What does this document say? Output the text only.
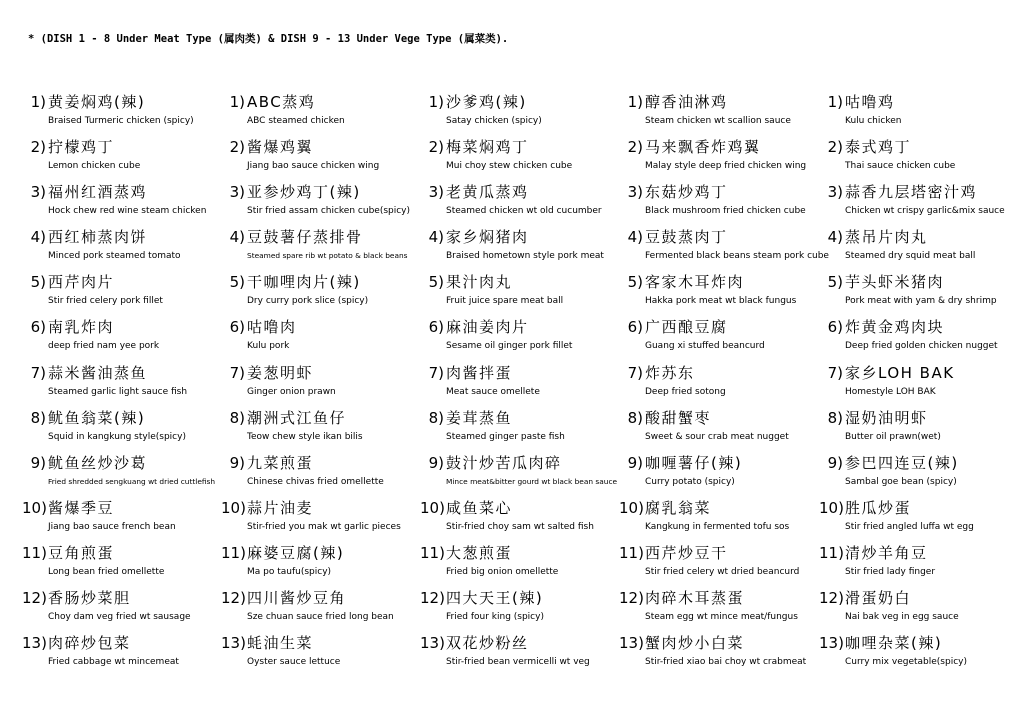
* (DISH 1 - 8 Under Meat Type (属肉类) & DISH 9 - 13 Under Vege Type (属菜类).
1) 黄姜焖鸡(辣)
Braised Turmeric chicken (spicy)
2) 拧檬鸡丁
Lemon chicken cube
3) 福州红酒蒸鸡
Hock chew red wine steam chicken
4) 西红柿蒸肉饼
Minced pork steamed tomato
5) 西芹肉片
Stir fried celery pork fillet
6) 南乳炸肉
deep fried nam yee pork
7) 蒜米酱油蒸鱼
Steamed garlic light sauce fish
8) 鱿鱼翁菜(辣)
Squid in kangkung style(spicy)
9) 鱿鱼丝炒沙葛
Fried shredded sengkuang wt dried cuttlefish
10) 酱爆季豆
Jiang bao sauce french bean
11) 豆角煎蛋
Long bean fried omellette
12) 香肠炒菜胆
Choy dam veg fried wt sausage
13) 肉碎炒包菜
Fried cabbage wt mincemeat
1) ABC蒸鸡
ABC steamed chicken
2) 酱爆鸡翼
Jiang bao sauce chicken wing
3) 亚参炒鸡丁(辣)
Stir fried assam chicken cube(spicy)
4) 豆鼓薯仔蒸排骨
Steamed spare rib wt potato & black beans
5) 干咖哩肉片(辣)
Dry curry pork slice (spicy)
6) 咕噜肉
Kulu pork
7) 姜葱明虾
Ginger onion prawn
8) 潮洲式江鱼仔
Teow chew style ikan bilis
9) 九菜煎蛋
Chinese chivas fried omellette
10) 蒜片油麦
Stir-fried you mak wt garlic pieces
11) 麻婆豆腐(辣)
Ma po taufu(spicy)
12) 四川酱炒豆角
Sze chuan sauce fried long bean
13) 蚝油生菜
Oyster sauce lettuce
1) 沙爹鸡(辣)
Satay chicken (spicy)
2) 梅菜焖鸡丁
Mui choy stew chicken cube
3) 老黄瓜蒸鸡
Steamed chicken wt old cucumber
4) 家乡焖猪肉
Braised hometown style pork meat
5) 果汁肉丸
Fruit juice spare meat ball
6) 麻油姜肉片
Sesame oil ginger pork fillet
7) 肉酱拌蛋
Meat sauce omellete
8) 姜茸蒸鱼
Steamed ginger paste fish
9) 鼓汁炒苦瓜肉碎
Mince meat&bitter gourd wt black bean sauce
10) 咸鱼菜心
Stir-fried choy sam wt salted fish
11) 大葱煎蛋
Fried big onion omellette
12) 四大天王(辣)
Fried four king (spicy)
13) 双花炒粉丝
Stir-fried bean vermicelli wt veg
1) 醇香油淋鸡
Steam chicken wt scallion sauce
2) 马来飘香炸鸡翼
Malay style deep fried chicken wing
3) 东菇炒鸡丁
Black mushroom fried chicken cube
4) 豆鼓蒸肉丁
Fermented black beans steam pork cube
5) 客家木耳炸肉
Hakka pork meat wt black fungus
6) 广西酿豆腐
Guang xi stuffed beancurd
7) 炸苏东
Deep fried sotong
8) 酸甜蟹枣
Sweet & sour crab meat nugget
9) 咖喱薯仔(辣)
Curry potato (spicy)
10) 腐乳翁菜
Kangkung in fermented tofu sos
11) 西芹炒豆干
Stir fried celery wt dried beancurd
12) 肉碎木耳蒸蛋
Steam egg wt mince meat/fungus
13) 蟹肉炒小白菜
Stir-fried xiao bai choy wt crabmeat
1) 咕噜鸡
Kulu chicken
2) 泰式鸡丁
Thai sauce chicken cube
3) 蒜香九层塔密汁鸡
Chicken wt crispy garlic&mix sauce
4) 蒸吊片肉丸
Steamed dry squid meat ball
5) 芋头虾米猪肉
Pork meat with yam & dry shrimp
6) 炸黄金鸡肉块
Deep fried golden chicken nugget
7) 家乡LOH BAK
Homestyle LOH BAK
8) 湿奶油明虾
Butter oil prawn(wet)
9) 参巴四连豆(辣)
Sambal goe bean (spicy)
10) 胜瓜炒蛋
Stir fried angled luffa wt egg
11) 清炒羊角豆
Stir fried lady finger
12) 滑蛋奶白
Nai bak veg in egg sauce
13) 咖哩杂菜(辣)
Curry mix vegetable(spicy)
